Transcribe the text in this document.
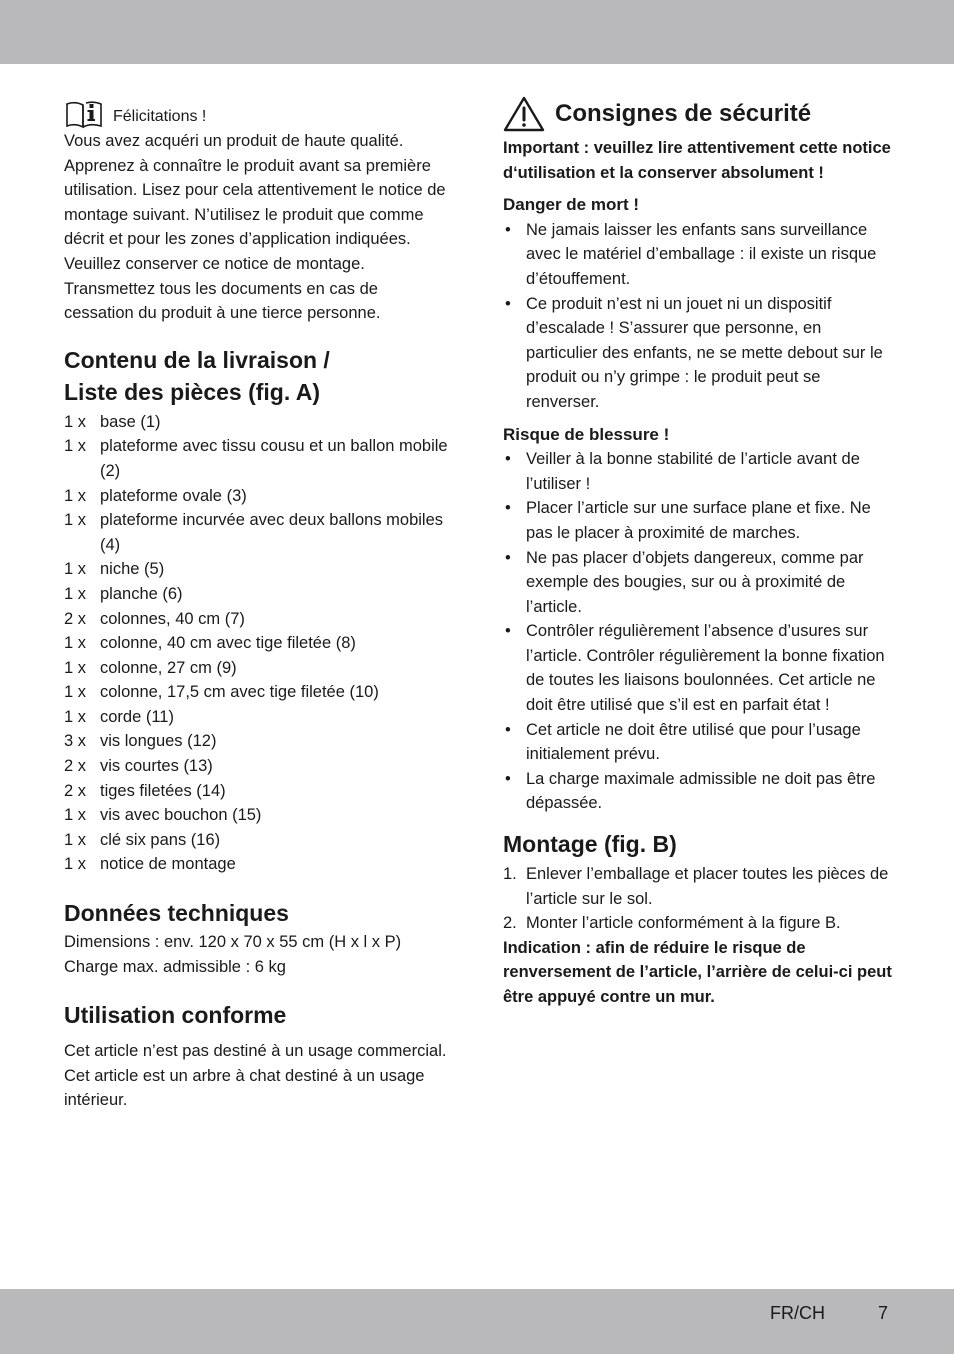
Félicitations !

Vous avez acquéri un produit de haute qualité. Apprenez à connaître le produit avant sa première utilisation. Lisez pour cela attentivement le notice de montage suivant. N’utilisez le produit que comme décrit et pour les zones d’application indiquées. Veuillez conserver ce notice de montage. Transmettez tous les documents en cas de cessation du produit à une tierce personne.

Contenu de la livraison /
Liste des pièces (fig. A)
1 x base (1)
1 x plateforme avec tissu cousu et un ballon mobile (2)
1 x plateforme ovale (3)
1 x plateforme incurvée avec deux ballons mobiles (4)
1 x niche (5)
1 x planche (6)
2 x colonnes, 40 cm (7)
1 x colonne, 40 cm avec tige filetée (8)
1 x colonne, 27 cm (9)
1 x colonne, 17,5 cm avec tige filetée (10)
1 x corde (11)
3 x vis longues (12)
2 x vis courtes (13)
2 x tiges filetées (14)
1 x vis avec bouchon (15)
1 x clé six pans (16)
1 x notice de montage
Données techniques

Dimensions : env. 120 x 70 x 55 cm (H x l x P)

Charge max. admissible : 6 kg

Utilisation conforme

Cet article n’est pas destiné à un usage commercial. Cet article est un arbre à chat destiné à un usage intérieur.

Consignes de sécurité

Important : veuillez lire attentivement cette notice d‘utilisation et la conserver absolument !

Danger de mort !
• Ne jamais laisser les enfants sans surveillance avec le matériel d’emballage : il existe un risque d’étouffement.
• Ce produit n’est ni un jouet ni un dispositif d’escalade ! S’assurer que personne, en particulier des enfants, ne se mette debout sur le produit ou n’y grimpe : le produit peut se renverser.
Risque de blessure !
• Veiller à la bonne stabilité de l’article avant de l’utiliser !
• Placer l’article sur une surface plane et fixe. Ne pas le placer à proximité de marches.
• Ne pas placer d’objets dangereux, comme par exemple des bougies, sur ou à proximité de l’article.
• Contrôler régulièrement l’absence d’usures sur l’article. Contrôler régulièrement la bonne fixation de toutes les liaisons boulonnées. Cet article ne doit être utilisé que s’il est en parfait état !
• Cet article ne doit être utilisé que pour l’usage initialement prévu.
• La charge maximale admissible ne doit pas être dépassée.
Montage (fig. B)
1. Enlever l’emballage et placer toutes les pièces de l’article sur le sol.
2. Monter l’article conformément à la figure B.

Indication : afin de réduire le risque de renversement de l’article, l’arrière de celui-ci peut être appuyé contre un mur.

FR/CH	7
